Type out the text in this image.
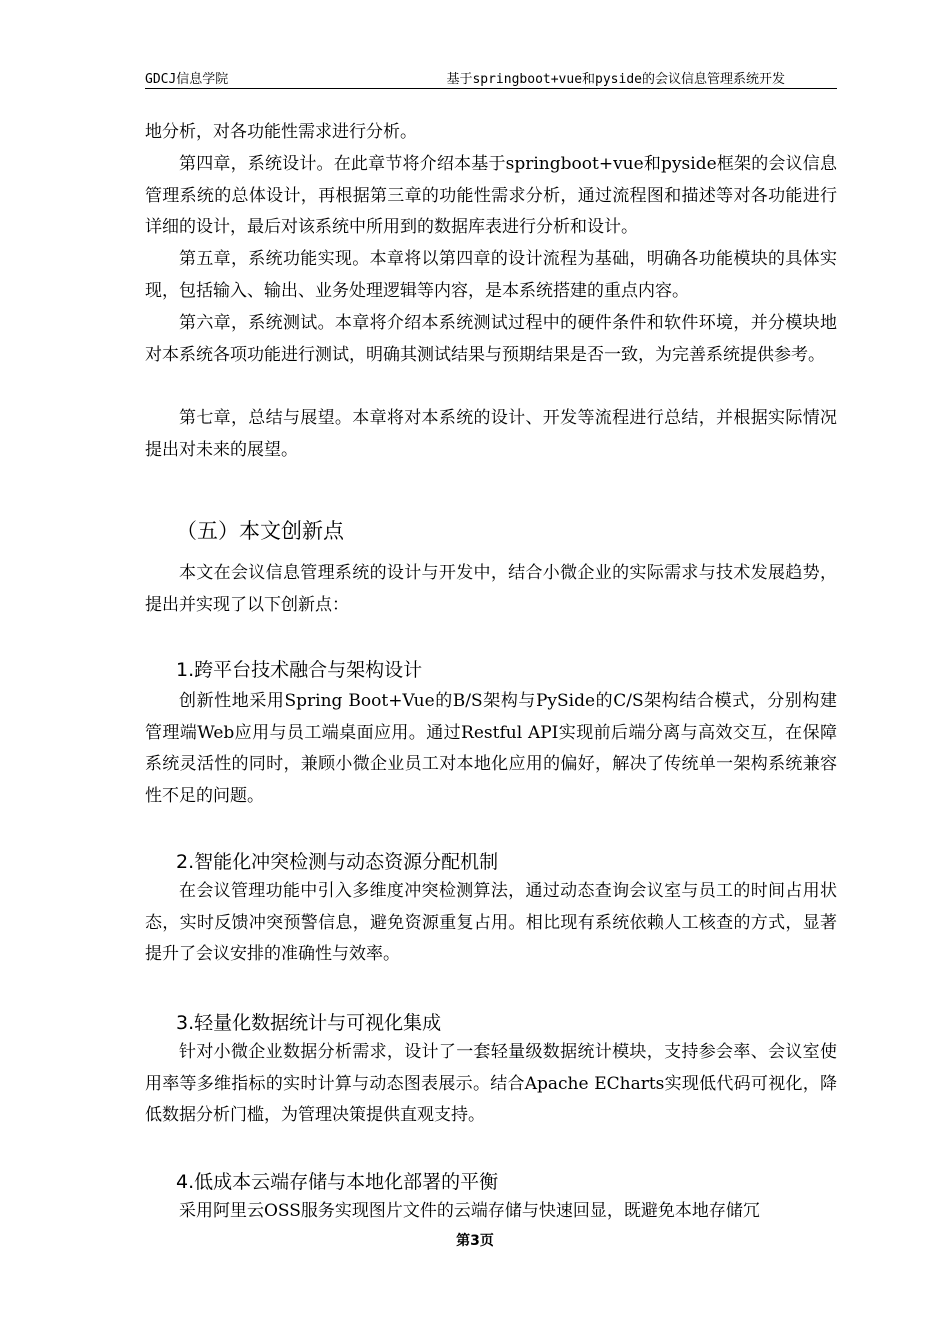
GDCJ信息学院	基于springboot+vue和pyside的会议信息管理系统开发

地分析，对各功能性需求进行分析。

第四章，系统设计。在此章节将介绍本基于springboot+vue和pyside框架的会议信息管理系统的总体设计，再根据第三章的功能性需求分析，通过流程图和描述等对各功能进行详细的设计，最后对该系统中所用到的数据库表进行分析和设计。

第五章，系统功能实现。本章将以第四章的设计流程为基础，明确各功能模块的具体实现，包括输入、输出、业务处理逻辑等内容，是本系统搭建的重点内容。

第六章，系统测试。本章将介绍本系统测试过程中的硬件条件和软件环境，并分模块地对本系统各项功能进行测试，明确其测试结果与预期结果是否一致，为完善系统提供参考。

第七章，总结与展望。本章将对本系统的设计、开发等流程进行总结，并根据实际情况提出对未来的展望。

（五）本文创新点

本文在会议信息管理系统的设计与开发中，结合小微企业的实际需求与技术发展趋势，提出并实现了以下创新点：

1.跨平台技术融合与架构设计

创新性地采用Spring Boot+Vue的B/S架构与PySide的C/S架构结合模式，分别构建管理端Web应用与员工端桌面应用。通过Restful API实现前后端分离与高效交互，在保障系统灵活性的同时，兼顾小微企业员工对本地化应用的偏好，解决了传统单一架构系统兼容性不足的问题。

2.智能化冲突检测与动态资源分配机制

在会议管理功能中引入多维度冲突检测算法，通过动态查询会议室与员工的时间占用状态，实时反馈冲突预警信息，避免资源重复占用。相比现有系统依赖人工核查的方式，显著提升了会议安排的准确性与效率。

3.轻量化数据统计与可视化集成

针对小微企业数据分析需求，设计了一套轻量级数据统计模块，支持参会率、会议室使用率等多维指标的实时计算与动态图表展示。结合Apache ECharts实现低代码可视化，降低数据分析门槛，为管理决策提供直观支持。

4.低成本云端存储与本地化部署的平衡

采用阿里云OSS服务实现图片文件的云端存储与快速回显，既避免本地存储冗

第3页
